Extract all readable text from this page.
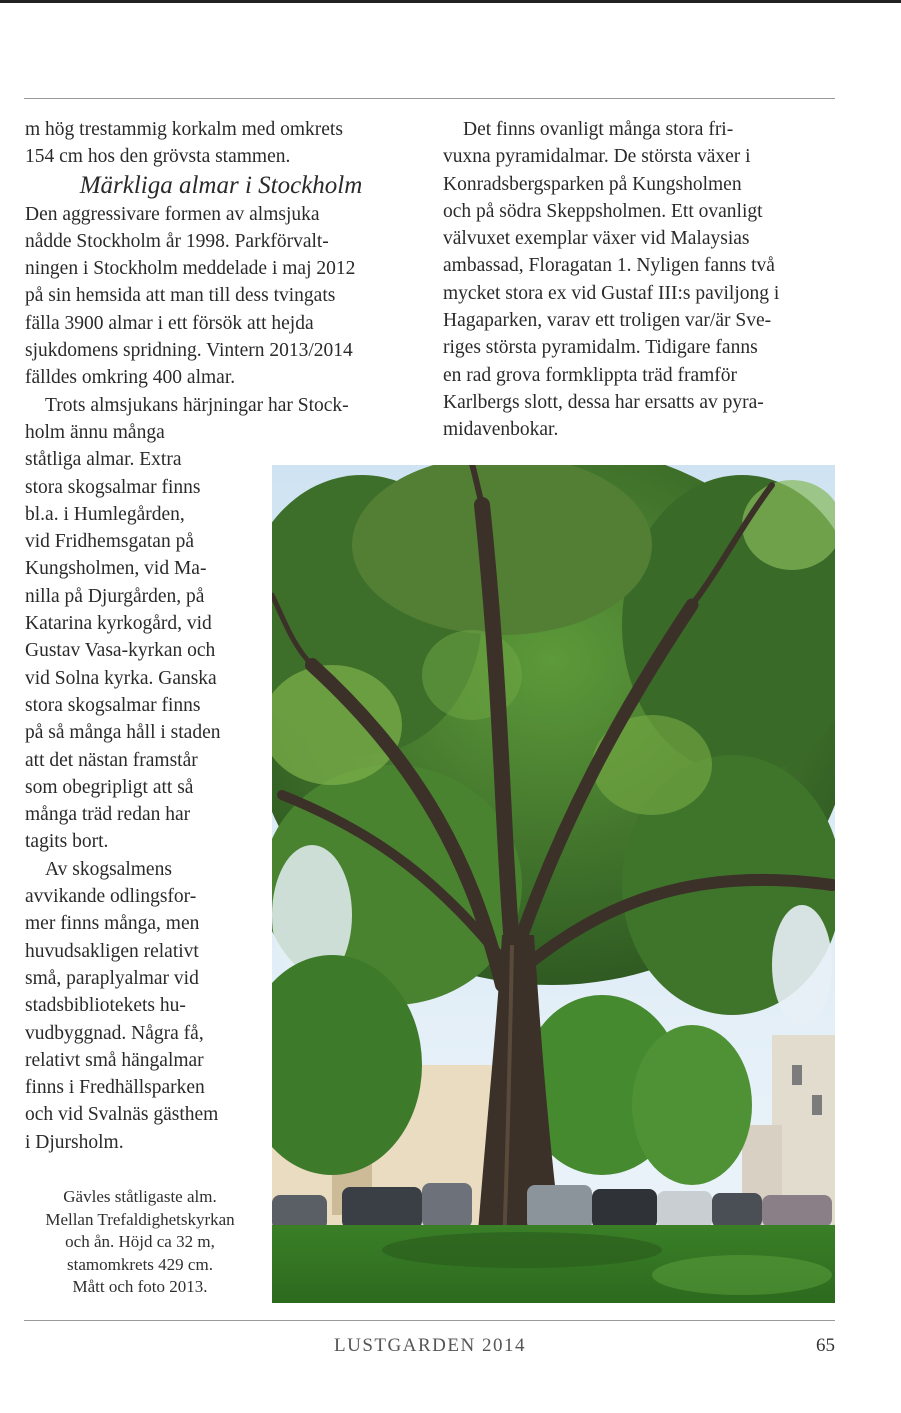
m hög trestammig korkalm med omkrets

154 cm hos den grövsta stammen.

Märkliga almar i Stockholm

Den aggressivare formen av almsjuka

nådde Stockholm år 1998. Parkförvalt-

ningen i Stockholm meddelade i maj 2012

på sin hemsida att man till dess tvingats

fälla 3900 almar i ett försök att hejda

sjukdomens spridning. Vintern 2013/2014

fälldes omkring 400 almar.

Trots almsjukans härjningar har Stock-

holm ännu många

ståtliga almar. Extra

stora skogsalmar finns

bl.a. i Humlegården,

vid Fridhemsgatan på

Kungsholmen, vid Ma-

nilla på Djurgården, på

Katarina kyrkogård, vid

Gustav Vasa-kyrkan och

vid Solna kyrka. Ganska

stora skogsalmar finns

på så många håll i staden

att det nästan framstår

som obegripligt att så

många träd redan har

tagits bort.

Av skogsalmens

avvikande odlingsfor-

mer finns många, men

huvudsakligen relativt

små, paraplyalmar vid

stadsbibliotekets hu-

vudbyggnad. Några få,

relativt små hängalmar

finns i Fredhällsparken

och vid Svalnäs gästhem

i Djursholm.

Det finns ovanligt många stora fri-

vuxna pyramidalmar. De största växer i

Konradsbergsparken på Kungsholmen

och på södra Skeppsholmen. Ett ovanligt

välvuxet exemplar växer vid Malaysias

ambassad, Floragatan 1. Nyligen fanns två

mycket stora ex vid Gustaf III:s paviljong i

Hagaparken, varav ett troligen var/är Sve-

riges största pyramidalm. Tidigare fanns

en rad grova formklippta träd framför

Karlbergs slott, dessa har ersatts av pyra-

midavenbokar.

Gävles ståtligaste alm.
Mellan Trefaldighetskyrkan
och ån. Höjd ca 32 m,
stamomkrets 429 cm.
Mått och foto 2013.
LUSTGARDEN 2014	65
